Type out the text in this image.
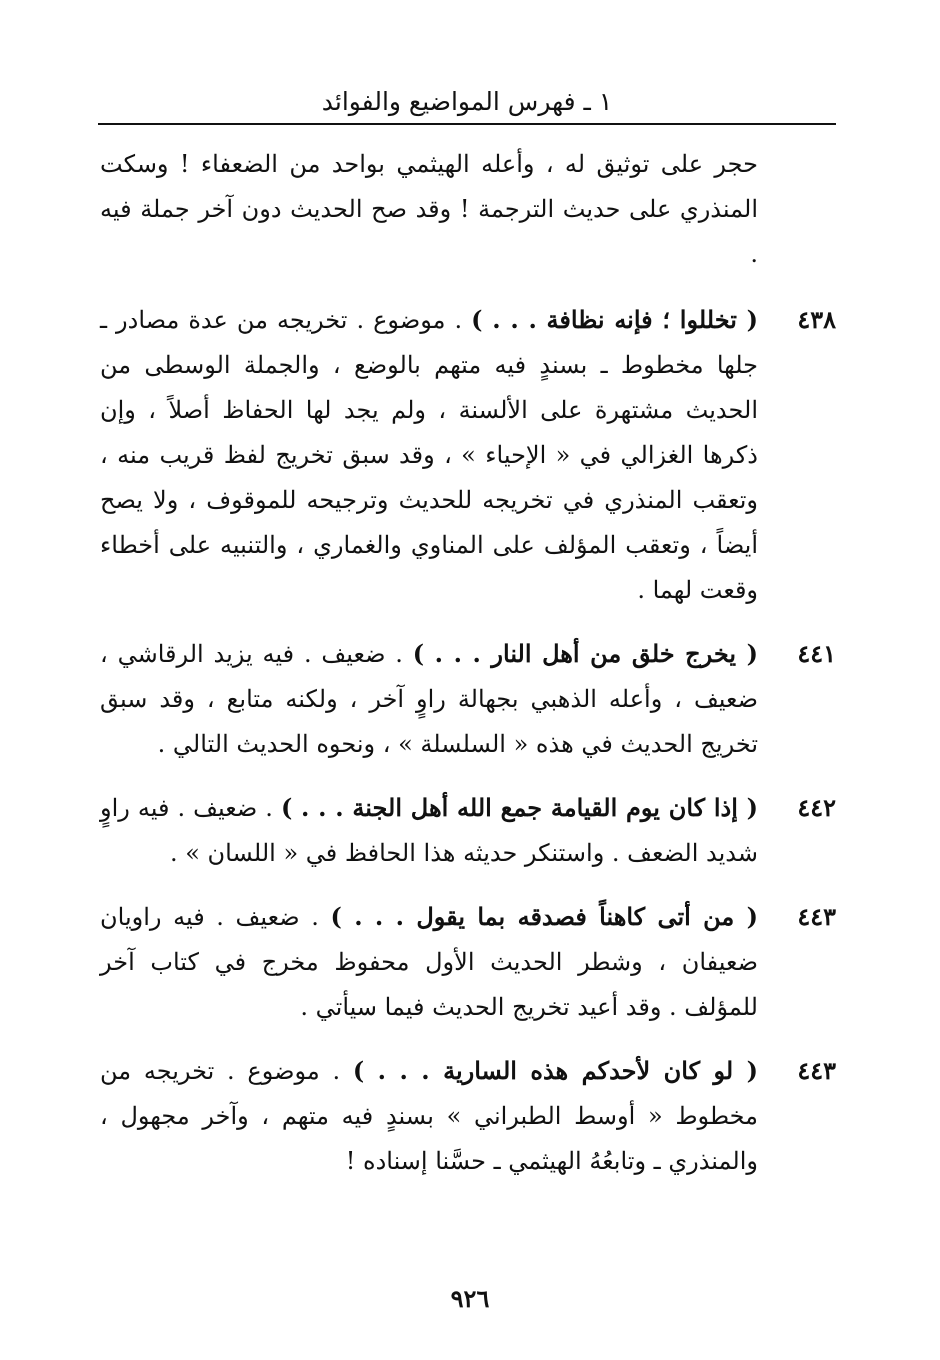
١ ـ فهرس المواضيع والفوائد
حجر على توثيق له ، وأعله الهيثمي بواحد من الضعفاء ! وسكت المنذري على حديث الترجمة ! وقد صح الحديث دون آخر جملة فيه .
٤٣٨
( تخللوا ؛ فإنه نظافة . . . ) . موضوع . تخريجه من عدة مصادر ـ جلها مخطوط ـ بسندٍ فيه متهم بالوضع ، والجملة الوسطى من الحديث مشتهرة على الألسنة ، ولم يجد لها الحفاظ أصلاً ، وإن ذكرها الغزالي في « الإحياء » ، وقد سبق تخريج لفظ قريب منه ، وتعقب المنذري في تخريجه للحديث وترجيحه للموقوف ، ولا يصح أيضاً ، وتعقب المؤلف على المناوي والغماري ، والتنبيه على أخطاء وقعت لهما .
٤٤١
( يخرج خلق من أهل النار . . . ) . ضعيف . فيه يزيد الرقاشي ، ضعيف ، وأعله الذهبي بجهالة راوٍ آخر ، ولكنه متابع ، وقد سبق تخريج الحديث في هذه « السلسلة » ، ونحوه الحديث التالي .
٤٤٢
( إذا كان يوم القيامة جمع الله أهل الجنة . . . ) . ضعيف . فيه راوٍ شديد الضعف . واستنكر حديثه هذا الحافظ في « اللسان » .
٤٤٣
( من أتى كاهناً فصدقه بما يقول . . . ) . ضعيف . فيه راويان ضعيفان ، وشطر الحديث الأول محفوظ مخرج في كتاب آخر للمؤلف . وقد أعيد تخريج الحديث فيما سيأتي .
٤٤٣
( لو كان لأحدكم هذه السارية . . . ) . موضوع . تخريجه من مخطوط « أوسط الطبراني » بسندٍ فيه متهم ، وآخر مجهول ، والمنذري ـ وتابعُهُ الهيثمي ـ حسَّنا إسناده !
٩٢٦
